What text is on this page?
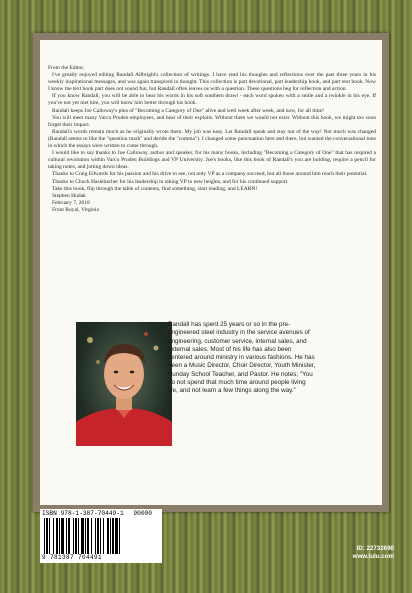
From the Editor,

I've greatly enjoyed editing Randall Allbright's collection of writings. I have read his thoughts and reflections over the past three years in his weekly inspirational messages, and was again transpired in thought. This collection is part devotional, part leadership book, and part text book. Now I know the text book part does not sound fun, but Randall often leaves us with a question. These questions beg for reflection and action.

If you know Randall, you will be able to hear his words in his soft southern drawl - each word spoken with a smile and a twinkle in his eye. If you've not yet met him, you will know him better through his book.

Randall keeps Joe Calloway's plea of "Becoming a Category of One" alive and well week after week, and now, for all time!

You will meet many Varco Pruden employees, and hear of their exploits. Without them we would not exist. Without this book, we might too soon forget their impact.

Randall's words remain much as he originally wrote them. My job was easy. Let Randall speak and stay out of the way! Not much was changed (Randall seems to like the "question mark" and deride the "comma"). I changed some punctuation here and there, but wanted the conversational tone in which the essays were written to come through.

I would like to say thanks to Joe Calloway, author and speaker, for his many books, including "Becoming a Category of One" that has inspired a cultural revolution within Varco Pruden Buildings and VP University. Joe's books, like this book of Randall's you are holding, require a pencil for taking notes, and jotting down ideas.

Thanks to Craig Edwards for his passion and his drive to see, not only VP as a company succeed, but all those around him reach their potential.

Thanks to Chuck Haslebacher for his leadership in taking VP to new heights, and for his continued support.

Take this book, flip through the table of contents, find something, start reading, and LEARN!

Stephen Hudak

February 7, 2018

Front Royal, Virginia

Randall has spent 25 years or so in the pre-engineered steel industry in the service avenues of engineering, customer service, internal sales, and external sales. Most of his life has also been centered around ministry in various fashions. He has been a Music Director, Choir Director, Youth Minister, Sunday School Teacher, and Pastor. He notes: "You do not spend that much time around people living life, and not learn a few things along the way."
ISBN 978-1-387-70449-1 90000
9 781387 704491
ID: 22732690
www.lulu.com
